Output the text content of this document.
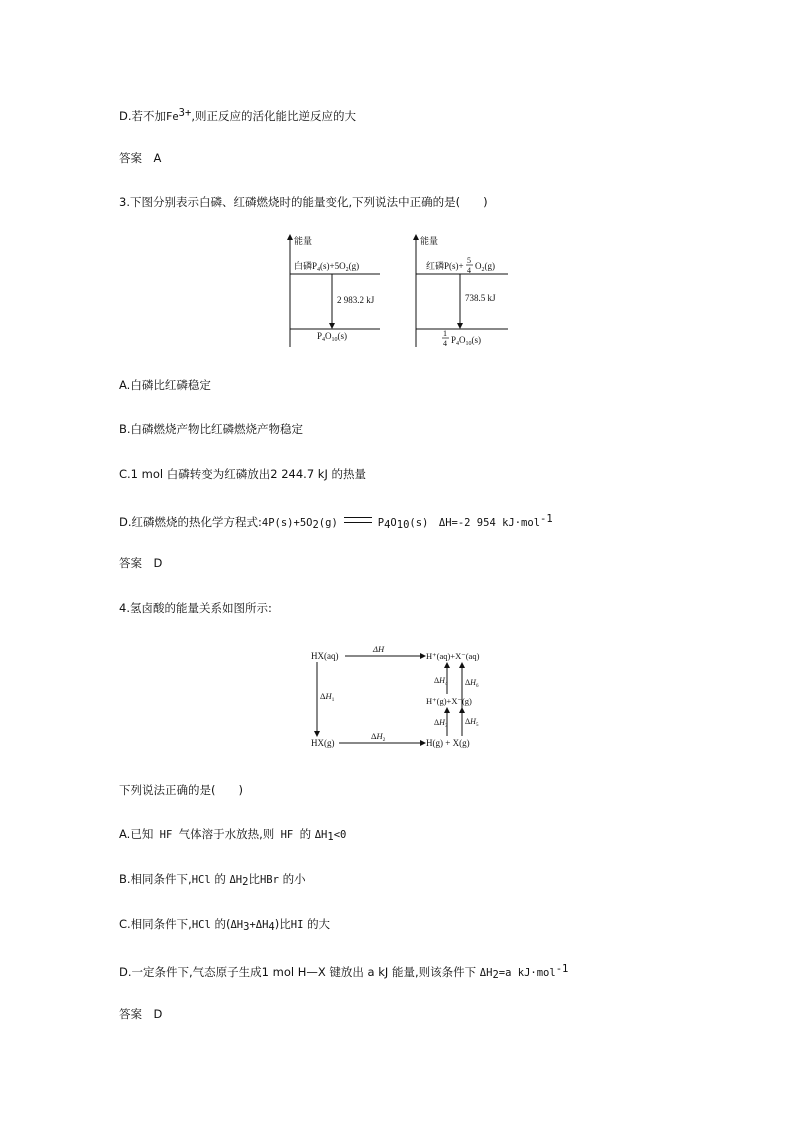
D.若不加$Fe^{3+}$,则正反应的活化能比逆反应的大
答案　A
3.下图分别表示白磷、红磷燃烧时的能量变化,下列说法中正确的是(　　)
能量
白磷$P_4(s)+5O_2(g)$
2 983.2 kJ
$P_4O_{10}(s)$
能量
红磷P(s)+
5
4 $O_2(g)$
738.5 kJ
1
4 $P_4O_{10}(s)$
A.白磷比红磷稳定
B.白磷燃烧产物比红磷燃烧产物稳定
C.1 mol 白磷转变为红磷放出2 244.7 kJ 的热量
D.红磷燃烧的热化学方程式$:4P(s)+5O_2(g)$	$P_4O_{10}(s)$　ΔH=-2 954 kJ·mol$^{-1}$
答案　D
4.氢卤酸的能量关系如图所示:
HX(aq)
ΔH
H⁺(aq)+X⁻(aq)
$\Delta H_1$
$\Delta H_4$ $\Delta H_6$
H⁺(g)+X⁻(g)
$\Delta H_3$
$\Delta H_5$
HX(g)
$\Delta H_2$	H(g) + X(g)
下列说法正确的是(　　)
A.已知 HF 气体溶于水放热,则 HF 的 $\Delta H_1<0$
B.相同条件下,HCl 的 $\Delta H_2$比HBr 的小
C.相同条件下,HCl 的$(\Delta H_3+\Delta H_4)$比HI 的大
D.一定条件下,气态原子生成1 mol H—X 键放出 a kJ 能量,则该条件下 $\Delta H_2=a$ kJ·mol$^{-1}$
答案　D
